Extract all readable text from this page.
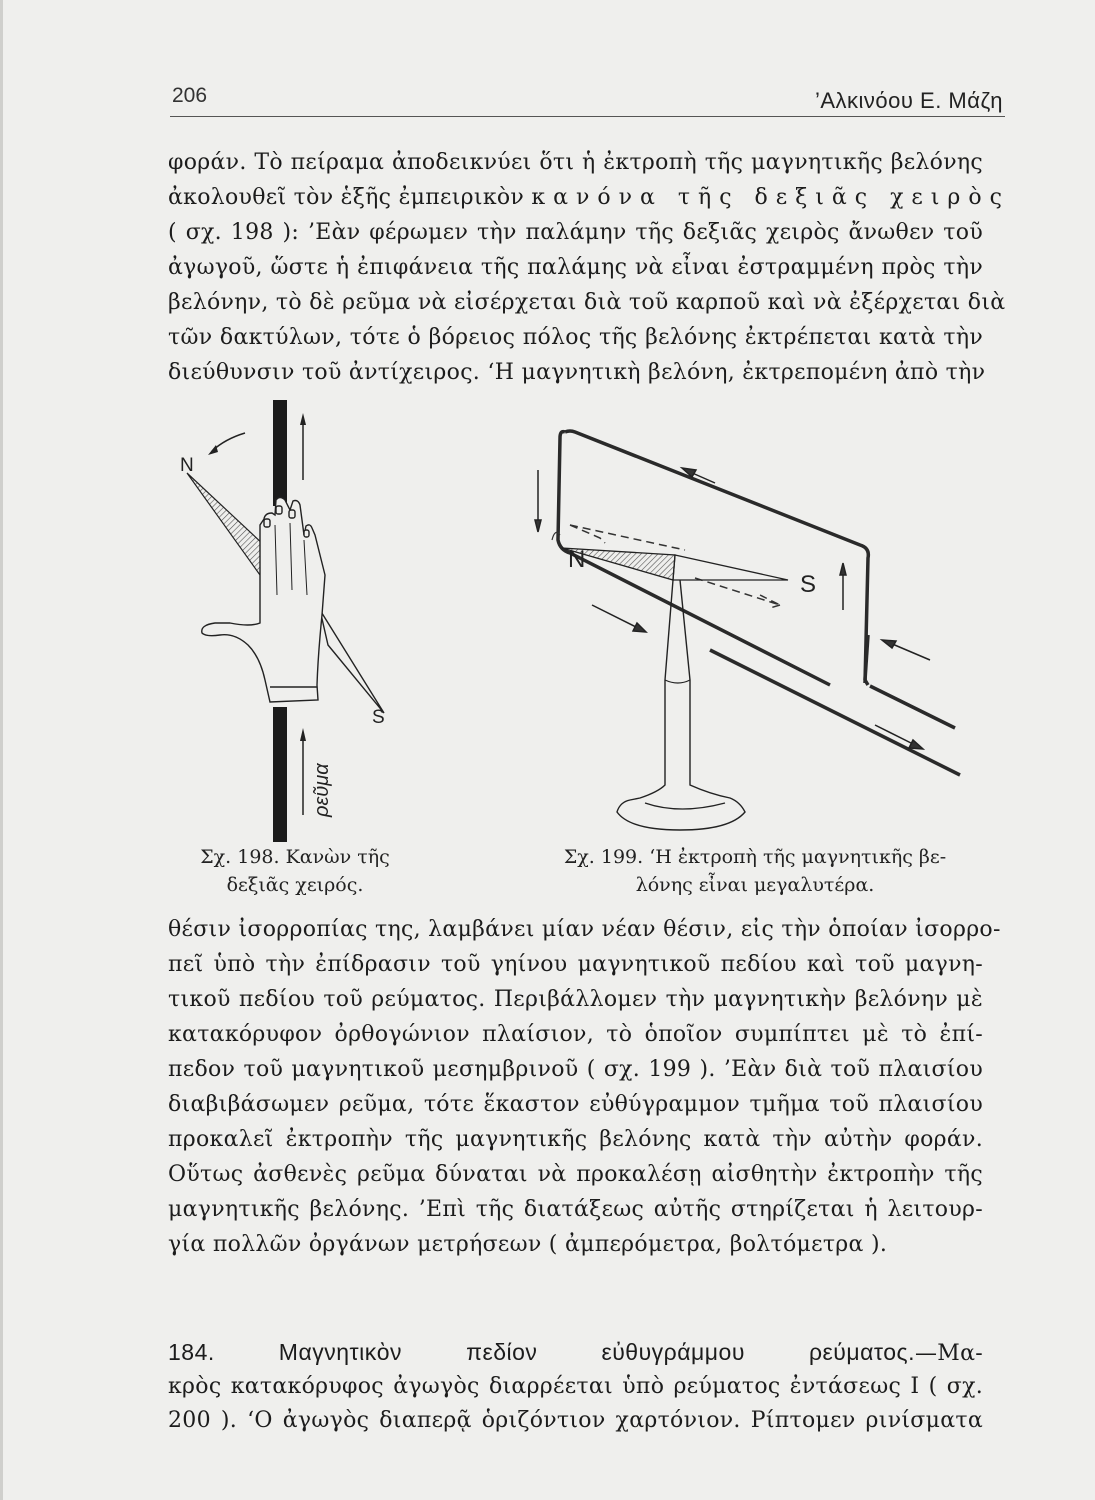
206	’Αλκινόου Ε. Μάζη
φοράν. Τὸ πείραμα ἀποδεικνύει ὅτι ἡ ἐκτροπὴ τῆς μαγνητικῆς βελόνης
ἀκολουθεῖ τὸν ἑξῆς ἐμπειρικὸν κανόνα τῆς δεξιᾶς χειρὸς
( σχ. 198 ): ’Εὰν φέρωμεν τὴν παλάμην τῆς δεξιᾶς χειρὸς ἄνωθεν τοῦ
ἀγωγοῦ, ὥστε ἡ ἐπιφάνεια τῆς παλάμης νὰ εἶναι ἐστραμμένη πρὸς τὴν
βελόνην, τὸ δὲ ρεῦμα νὰ εἰσέρχεται διὰ τοῦ καρποῦ καὶ νὰ ἐξέρχεται διὰ
τῶν δακτύλων, τότε ὁ βόρειος πόλος τῆς βελόνης ἐκτρέπεται κατὰ τὴν
διεύθυνσιν τοῦ ἀντίχειρος. ‘Η μαγνητικὴ βελόνη, ἐκτρεπομένη ἀπὸ τὴν
N
S
ρεῦμα
N
S
Σχ. 198. Κανὼν τῆς
δεξιᾶς χειρός.
Σχ. 199. ‘Η ἐκτροπὴ τῆς μαγνητικῆς βε-
λόνης εἶναι μεγαλυτέρα.
θέσιν ἰσορροπίας της, λαμβάνει μίαν νέαν θέσιν, εἰς τὴν ὁποίαν ἰσορρο-
πεῖ ὑπὸ τὴν ἐπίδρασιν τοῦ γηίνου μαγνητικοῦ πεδίου καὶ τοῦ μαγνη-
τικοῦ πεδίου τοῦ ρεύματος. Περιβάλλομεν τὴν μαγνητικὴν βελόνην μὲ
κατακόρυφον ὀρθογώνιον πλαίσιον, τὸ ὁποῖον συμπίπτει μὲ τὸ ἐπί-
πεδον τοῦ μαγνητικοῦ μεσημβρινοῦ ( σχ. 199 ). ’Εὰν διὰ τοῦ πλαισίου
διαβιβάσωμεν ρεῦμα, τότε ἕκαστον εὐθύγραμμον τμῆμα τοῦ πλαισίου
προκαλεῖ ἐκτροπὴν τῆς μαγνητικῆς βελόνης κατὰ τὴν αὐτὴν φοράν.
Οὕτως ἀσθενὲς ρεῦμα δύναται νὰ προκαλέσῃ αἰσθητὴν ἐκτροπὴν τῆς
μαγνητικῆς βελόνης. ’Επὶ τῆς διατάξεως αὐτῆς στηρίζεται ἡ λειτουρ-
γία πολλῶν ὀργάνων μετρήσεων ( ἀμπερόμετρα, βολτόμετρα ).
184. Μαγνητικὸν πεδίον εὐθυγράμμου ρεύματος.—Μα-
κρὸς κατακόρυφος ἀγωγὸς διαρρέεται ὑπὸ ρεύματος ἐντάσεως I ( σχ.
200 ). ‘Ο ἀγωγὸς διαπερᾷ ὁριζόντιον χαρτόνιον. Ρίπτομεν ρινίσματα
